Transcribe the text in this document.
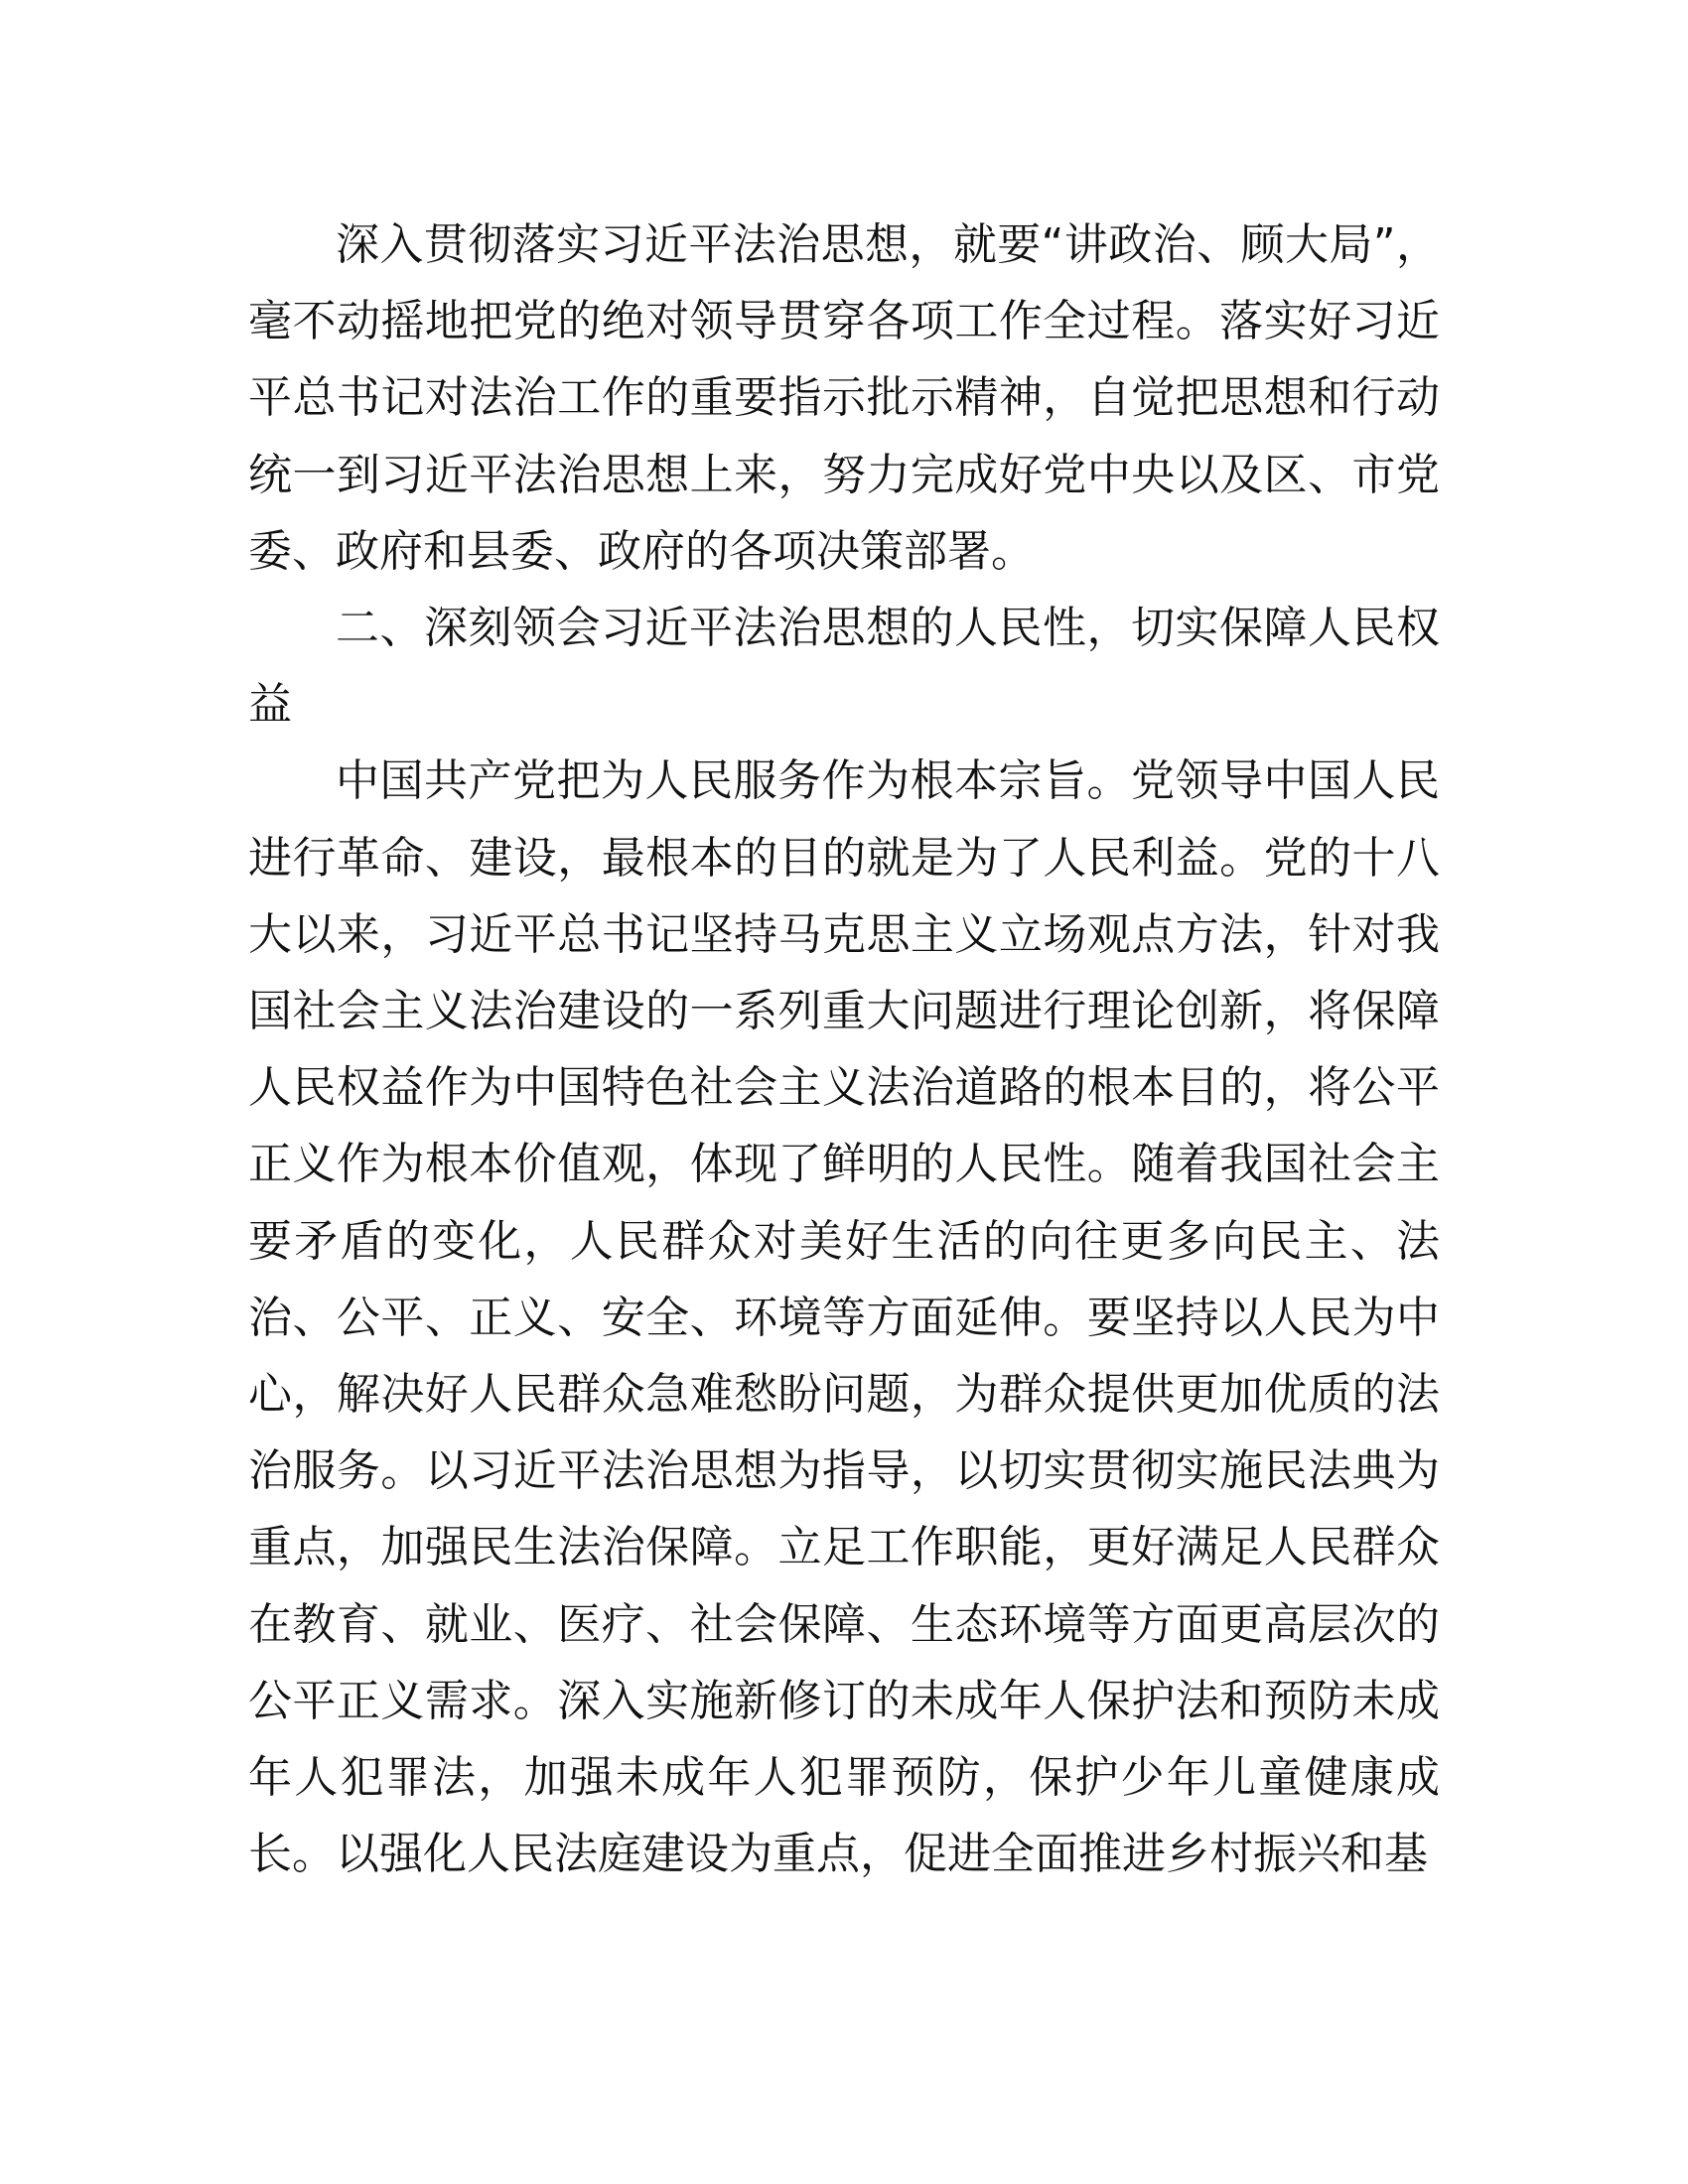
深入贯彻落实习近平法治思想，就要“讲政治、顾大局”，毫不动摇地把党的绝对领导贯穿各项工作全过程。落实好习近平总书记对法治工作的重要指示批示精神，自觉把思想和行动统一到习近平法治思想上来，努力完成好党中央以及区、市党委、政府和县委、政府的各项决策部署。

二、深刻领会习近平法治思想的人民性，切实保障人民权益

中国共产党把为人民服务作为根本宗旨。党领导中国人民进行革命、建设，最根本的目的就是为了人民利益。党的十八大以来，习近平总书记坚持马克思主义立场观点方法，针对我国社会主义法治建设的一系列重大问题进行理论创新，将保障人民权益作为中国特色社会主义法治道路的根本目的，将公平正义作为根本价值观，体现了鲜明的人民性。随着我国社会主要矛盾的变化，人民群众对美好生活的向往更多向民主、法治、公平、正义、安全、环境等方面延伸。要坚持以人民为中心，解决好人民群众急难愁盼问题，为群众提供更加优质的法治服务。以习近平法治思想为指导，以切实贯彻实施民法典为重点，加强民生法治保障。立足工作职能，更好满足人民群众在教育、就业、医疗、社会保障、生态环境等方面更高层次的公平正义需求。深入实施新修订的未成年人保护法和预防未成年人犯罪法，加强未成年人犯罪预防，保护少年儿童健康成长。以强化人民法庭建设为重点，促进全面推进乡村振兴和基
